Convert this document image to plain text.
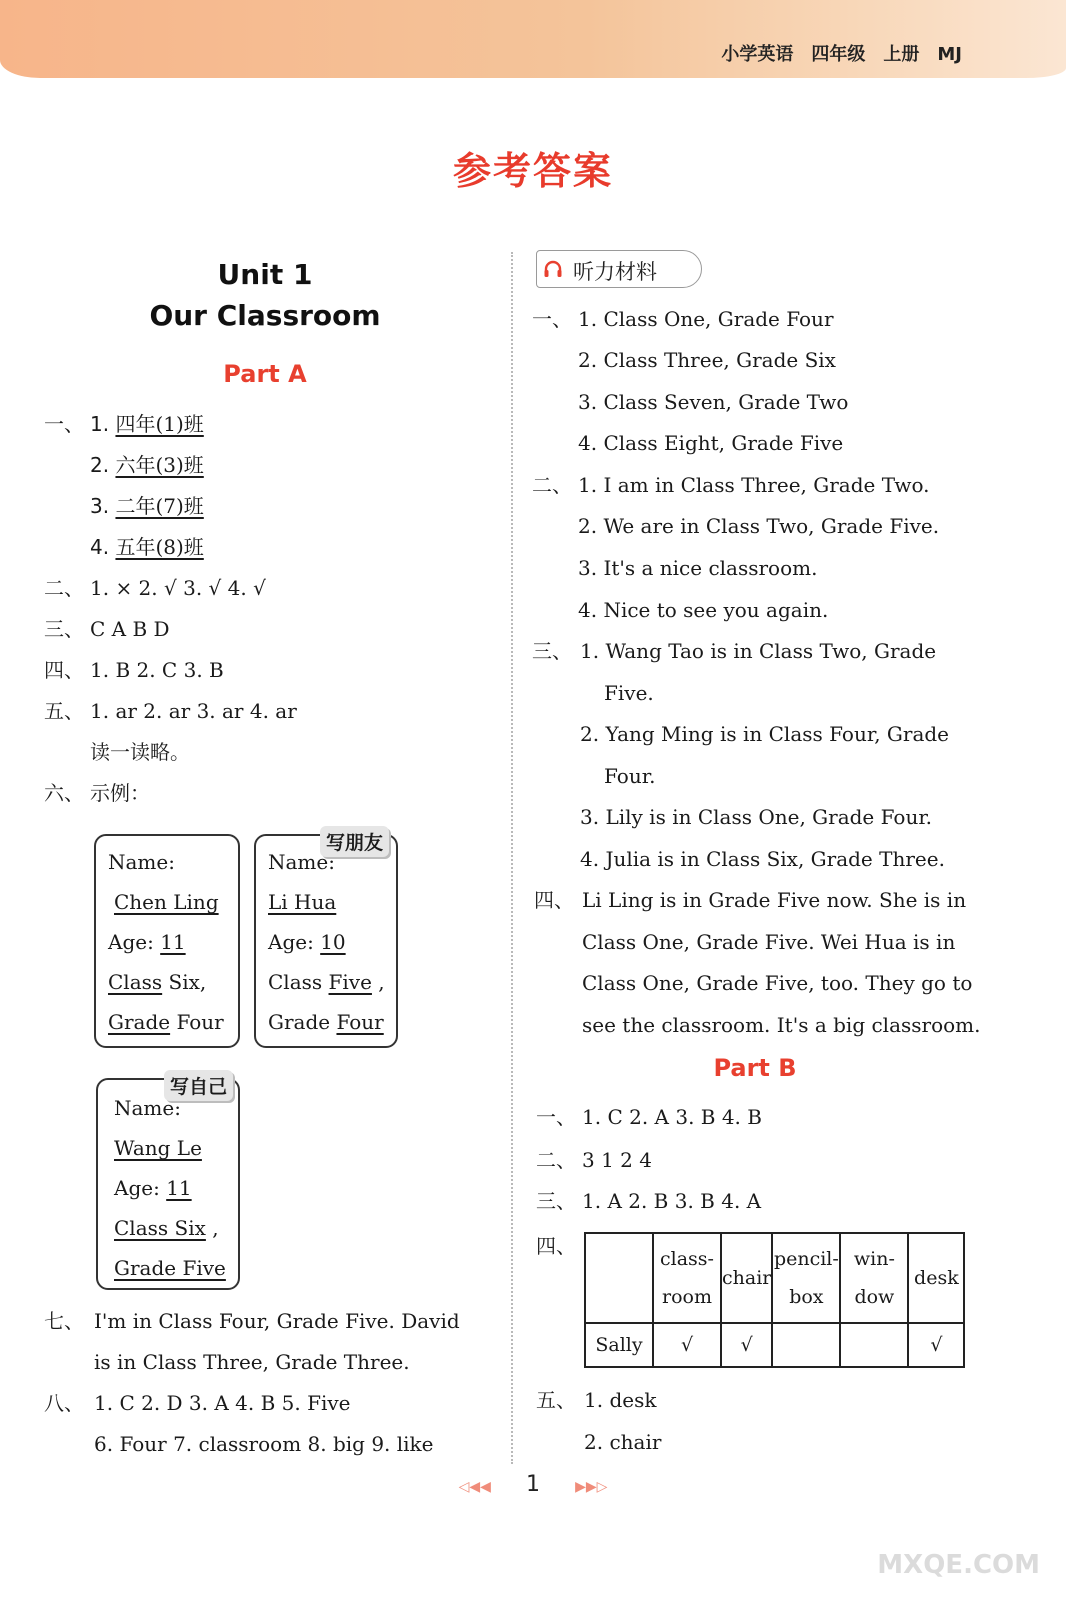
小学英语 四年级 上册 MJ
参考答案
Unit 1
Our Classroom
Part A
一、 1. 四年(1)班
2. 六年(3)班
3. 二年(7)班
4. 五年(8)班
二、 1. × 2. √ 3. √ 4. √
三、 C A B D
四、 1. B 2. C 3. B
五、 1. ar 2. ar 3. ar 4. ar
读一读略。
六、 示例：
Name:
Chen Ling
Age: 11
Class Six,
Grade Four
写朋友
Name:
Li Hua
Age: 10
Class Five ,
Grade Four
写自己
Name:
Wang Le
Age: 11
Class Six ,
Grade Five
七、 I'm in Class Four, Grade Five. David
is in Class Three, Grade Three.
八、 1. C 2. D 3. A 4. B 5. Five
6. Four 7. classroom 8. big 9. like
听力材料
一、 1. Class One, Grade Four
2. Class Three, Grade Six
3. Class Seven, Grade Two
4. Class Eight, Grade Five
二、 1. I am in Class Three, Grade Two.
2. We are in Class Two, Grade Five.
3. It's a nice classroom.
4. Nice to see you again.
三、 1. Wang Tao is in Class Two, Grade
Five.
2. Yang Ming is in Class Four, Grade
Four.
3. Lily is in Class One, Grade Four.
4. Julia is in Class Six, Grade Three.
四、 Li Ling is in Grade Five now. She is in
Class One, Grade Five. Wei Hua is in
Class One, Grade Five, too. They go to
see the classroom. It's a big classroom.
Part B
一、 1. C 2. A 3. B 4. B
二、 3 1 2 4
三、 1. A 2. B 3. B 4. A
四、
	class-
room	chair	pencil-
box	win-
dow	desk
Sally	√	√			√
五、 1. desk
2. chair
◁◀◀ 1	▶▶▷
MXQE.COM
